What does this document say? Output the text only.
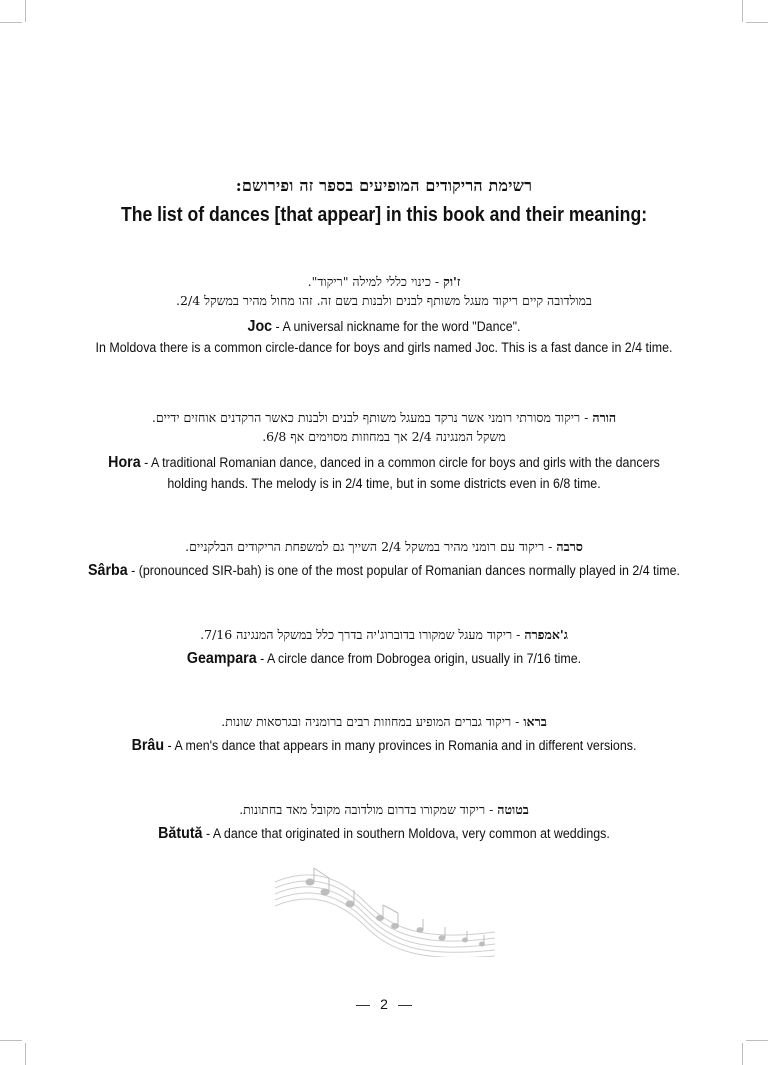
רשימת הריקודים המופיעים בספר זה ופירושם:
The list of dances [that appear] in this book and their meaning:
ז'וק - כינוי כללי למילה "ריקוד".
במולדובה קיים ריקוד מעגל משותף לבנים ולבנות בשם זה. זהו מחול מהיר במשקל 2/4.
Joc - A universal nickname for the word "Dance".
In Moldova there is a common circle-dance for boys and girls named Joc. This is a fast dance in 2/4 time.
הורה - ריקוד מסורתי רומני אשר נרקד במעגל משותף לבנים ולבנות כאשר הרקדנים אוחזים ידיים.
משקל המנגינה 2/4 אך במחוזות מסוימים אף 6/8.
Hora - A traditional Romanian dance, danced in a common circle for boys and girls with the dancers
holding hands. The melody is in 2/4 time, but in some districts even in 6/8 time.
סרבה - ריקוד עם רומני מהיר במשקל 2/4 השייך גם למשפחת הריקודים הבלקניים.
Sârba - (pronounced SIR-bah) is one of the most popular of Romanian dances normally played in 2/4 time.
ג'אמפרה - ריקוד מעגל שמקורו בדוברוג'יה בדרך כלל במשקל המנגינה 7/16.
Geampara - A circle dance from Dobrogea origin, usually in 7/16 time.
בראו - ריקוד גברים המופיע במחוזות רבים ברומניה ובגרסאות שונות.
Brâu - A men's dance that appears in many provinces in Romania and in different versions.
בטוטה - ריקוד שמקורו בדרום מולדובה מקובל מאד בחתונות.
Bătută - A dance that originated in southern Moldova, very common at weddings.
2
